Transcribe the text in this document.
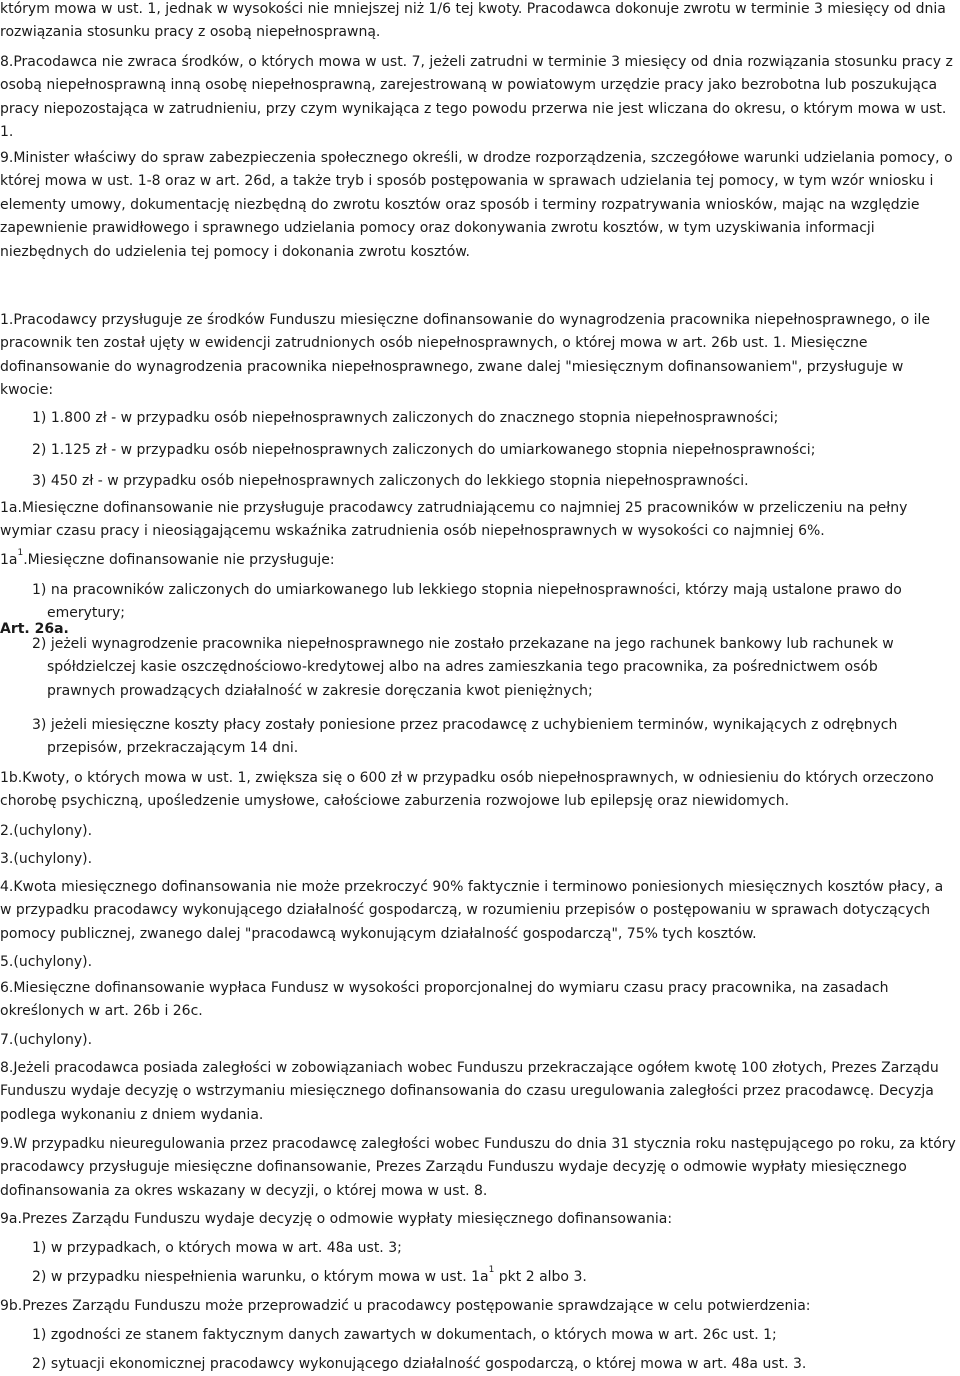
którym mowa w ust. 1, jednak w wysokości nie mniejszej niż 1/6 tej kwoty. Pracodawca dokonuje zwrotu w terminie 3 miesięcy od dnia rozwiązania stosunku pracy z osobą niepełnosprawną.
8.Pracodawca nie zwraca środków, o których mowa w ust. 7, jeżeli zatrudni w terminie 3 miesięcy od dnia rozwiązania stosunku pracy z osobą niepełnosprawną inną osobę niepełnosprawną, zarejestrowaną w powiatowym urzędzie pracy jako bezrobotna lub poszukująca pracy niepozostająca w zatrudnieniu, przy czym wynikająca z tego powodu przerwa nie jest wliczana do okresu, o którym mowa w ust. 1.
9.Minister właściwy do spraw zabezpieczenia społecznego określi, w drodze rozporządzenia, szczegółowe warunki udzielania pomocy, o której mowa w ust. 1-8 oraz w art. 26d, a także tryb i sposób postępowania w sprawach udzielania tej pomocy, w tym wzór wniosku i elementy umowy, dokumentację niezbędną do zwrotu kosztów oraz sposób i terminy rozpatrywania wniosków, mając na względzie zapewnienie prawidłowego i sprawnego udzielania pomocy oraz dokonywania zwrotu kosztów, w tym uzyskiwania informacji niezbędnych do udzielenia tej pomocy i dokonania zwrotu kosztów.
Art. 26a.
1.Pracodawcy przysługuje ze środków Funduszu miesięczne dofinansowanie do wynagrodzenia pracownika niepełnosprawnego, o ile pracownik ten został ujęty w ewidencji zatrudnionych osób niepełnosprawnych, o której mowa w art. 26b ust. 1. Miesięczne dofinansowanie do wynagrodzenia pracownika niepełnosprawnego, zwane dalej "miesięcznym dofinansowaniem", przysługuje w kwocie:
1) 1.800 zł - w przypadku osób niepełnosprawnych zaliczonych do znacznego stopnia niepełnosprawności;
2) 1.125 zł - w przypadku osób niepełnosprawnych zaliczonych do umiarkowanego stopnia niepełnosprawności;
3) 450 zł - w przypadku osób niepełnosprawnych zaliczonych do lekkiego stopnia niepełnosprawności.
1a.Miesięczne dofinansowanie nie przysługuje pracodawcy zatrudniającemu co najmniej 25 pracowników w przeliczeniu na pełny wymiar czasu pracy i nieosiągającemu wskaźnika zatrudnienia osób niepełnosprawnych w wysokości co najmniej 6%.
$1a^1.Miesięczne$ dofinansowanie nie przysługuje:
1) na pracowników zaliczonych do umiarkowanego lub lekkiego stopnia niepełnosprawności, którzy mają ustalone prawo do emerytury;
2) jeżeli wynagrodzenie pracownika niepełnosprawnego nie zostało przekazane na jego rachunek bankowy lub rachunek w spółdzielczej kasie oszczędnościowo-kredytowej albo na adres zamieszkania tego pracownika, za pośrednictwem osób prawnych prowadzących działalność w zakresie doręczania kwot pieniężnych;
3) jeżeli miesięczne koszty płacy zostały poniesione przez pracodawcę z uchybieniem terminów, wynikających z odrębnych przepisów, przekraczającym 14 dni.
1b.Kwoty, o których mowa w ust. 1, zwiększa się o 600 zł w przypadku osób niepełnosprawnych, w odniesieniu do których orzeczono chorobę psychiczną, upośledzenie umysłowe, całościowe zaburzenia rozwojowe lub epilepsję oraz niewidomych.
2.(uchylony).
3.(uchylony).
4.Kwota miesięcznego dofinansowania nie może przekroczyć 90% faktycznie i terminowo poniesionych miesięcznych kosztów płacy, a w przypadku pracodawcy wykonującego działalność gospodarczą, w rozumieniu przepisów o postępowaniu w sprawach dotyczących pomocy publicznej, zwanego dalej "pracodawcą wykonującym działalność gospodarczą", 75% tych kosztów.
5.(uchylony).
6.Miesięczne dofinansowanie wypłaca Fundusz w wysokości proporcjonalnej do wymiaru czasu pracy pracownika, na zasadach określonych w art. 26b i 26c.
7.(uchylony).
8.Jeżeli pracodawca posiada zaległości w zobowiązaniach wobec Funduszu przekraczające ogółem kwotę 100 złotych, Prezes Zarządu Funduszu wydaje decyzję o wstrzymaniu miesięcznego dofinansowania do czasu uregulowania zaległości przez pracodawcę. Decyzja podlega wykonaniu z dniem wydania.
9.W przypadku nieuregulowania przez pracodawcę zaległości wobec Funduszu do dnia 31 stycznia roku następującego po roku, za który pracodawcy przysługuje miesięczne dofinansowanie, Prezes Zarządu Funduszu wydaje decyzję o odmowie wypłaty miesięcznego dofinansowania za okres wskazany w decyzji, o której mowa w ust. 8.
9a.Prezes Zarządu Funduszu wydaje decyzję o odmowie wypłaty miesięcznego dofinansowania:
1) w przypadkach, o których mowa w art. 48a ust. 3;
2) w przypadku niespełnienia warunku, o którym mowa w ust. $1a^1$ pkt 2 albo 3.
9b.Prezes Zarządu Funduszu może przeprowadzić u pracodawcy postępowanie sprawdzające w celu potwierdzenia:
1) zgodności ze stanem faktycznym danych zawartych w dokumentach, o których mowa w art. 26c ust. 1;
2) sytuacji ekonomicznej pracodawcy wykonującego działalność gospodarczą, o której mowa w art. 48a ust. 3.
